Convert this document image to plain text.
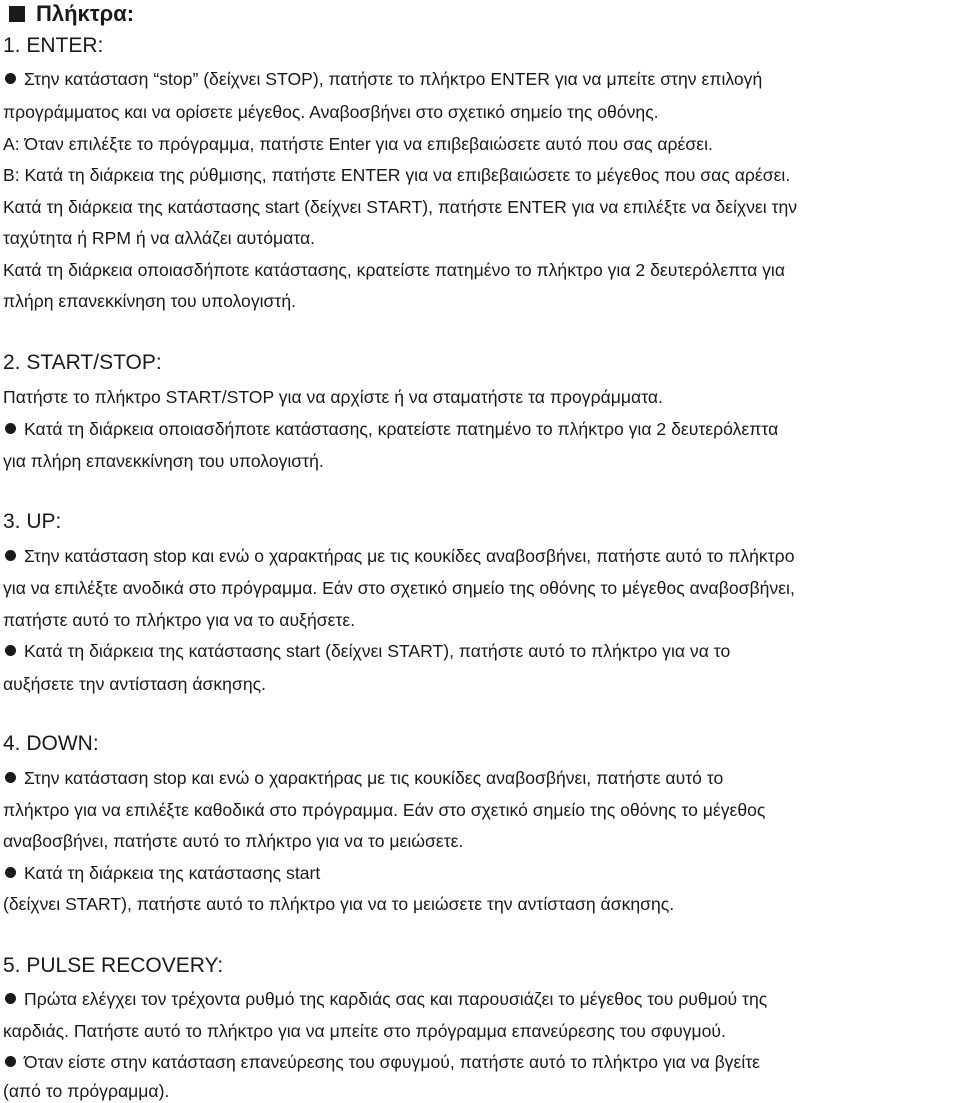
Πλήκτρα:
1. ENTER:
Στην κατάσταση “stop” (δείχνει STOP), πατήστε το πλήκτρο ENTER για να μπείτε στην επιλογή
προγράμματος και να ορίσετε μέγεθος. Αναβοσβήνει στο σχετικό σημείο της οθόνης.
A: Όταν επιλέξτε το πρόγραμμα, πατήστε Enter για να επιβεβαιώσετε αυτό που σας αρέσει.
B: Κατά τη διάρκεια της ρύθμισης, πατήστε ENTER για να επιβεβαιώσετε το μέγεθος που σας αρέσει.
Κατά τη διάρκεια της κατάστασης start (δείχνει START), πατήστε ENTER για να επιλέξτε να δείχνει την
ταχύτητα ή RPM ή να αλλάζει αυτόματα.
Κατά τη διάρκεια οποιασδήποτε κατάστασης, κρατείστε πατημένο το πλήκτρο για 2 δευτερόλεπτα για
πλήρη επανεκκίνηση του υπολογιστή.
2. START/STOP:
Πατήστε το πλήκτρο START/STOP για να αρχίστε ή να σταματήστε τα προγράμματα.
Κατά τη διάρκεια οποιασδήποτε κατάστασης, κρατείστε πατημένο το πλήκτρο για 2 δευτερόλεπτα
για πλήρη επανεκκίνηση του υπολογιστή.
3. UP:
Στην κατάσταση stop και ενώ ο χαρακτήρας με τις κουκίδες αναβοσβήνει, πατήστε αυτό το πλήκτρο
για να επιλέξτε ανοδικά στο πρόγραμμα. Εάν στο σχετικό σημείο της οθόνης το μέγεθος αναβοσβήνει,
πατήστε αυτό το πλήκτρο για να το αυξήσετε.
Κατά τη διάρκεια της κατάστασης start (δείχνει START), πατήστε αυτό το πλήκτρο για να το
αυξήσετε την αντίσταση άσκησης.
4. DOWN:
Στην κατάσταση stop και ενώ ο χαρακτήρας με τις κουκίδες αναβοσβήνει, πατήστε αυτό το
πλήκτρο για να επιλέξτε καθοδικά στο πρόγραμμα. Εάν στο σχετικό σημείο της οθόνης το μέγεθος
αναβοσβήνει, πατήστε αυτό το πλήκτρο για να το μειώσετε.
Κατά τη διάρκεια της κατάστασης start
(δείχνει START), πατήστε αυτό το πλήκτρο για να το μειώσετε την αντίσταση άσκησης.
5. PULSE RECOVERY:
Πρώτα ελέγχει τον τρέχοντα ρυθμό της καρδιάς σας και παρουσιάζει το μέγεθος του ρυθμού της
καρδιάς. Πατήστε αυτό το πλήκτρο για να μπείτε στο πρόγραμμα επανεύρεσης του σφυγμού.
Όταν είστε στην κατάσταση επανεύρεσης του σφυγμού, πατήστε αυτό το πλήκτρο για να βγείτε
(από το πρόγραμμα).
